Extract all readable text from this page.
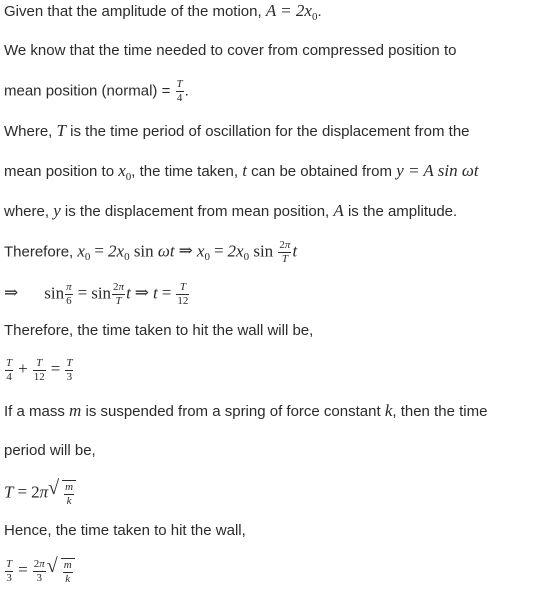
Given that the amplitude of the motion, $A = 2x_0$.
We know that the time needed to cover from compressed position to
mean position (normal) = $\frac{T}{4}$ .
Where, T is the time period of oscillation for the displacement from the
mean position to $x_0$, the time taken, t can be obtained from y = A sin ωt
where, y is the displacement from mean position, A is the amplitude.
Therefore, $x_0 = 2x_0$ sin ωt ⇒ $x_0 = 2x_0$ $\sin \frac{2\pi}{T}$ t
⇒ $\sin \frac{\pi}{6} = \sin \frac{2\pi}{T}$ t ⇒ $t = \frac{T}{12}$
Therefore, the time taken to hit the wall will be,
$\frac{T}{4} + \frac{T}{12} = \frac{T}{3}$
If a mass m is suspended from a spring of force constant k, then the time
period will be,
T = 2π √ $\frac{m}{k}$
Hence, the time taken to hit the wall,
$\frac{T}{3} = \frac{2\pi}{3}$ √ $\frac{m}{k}$
